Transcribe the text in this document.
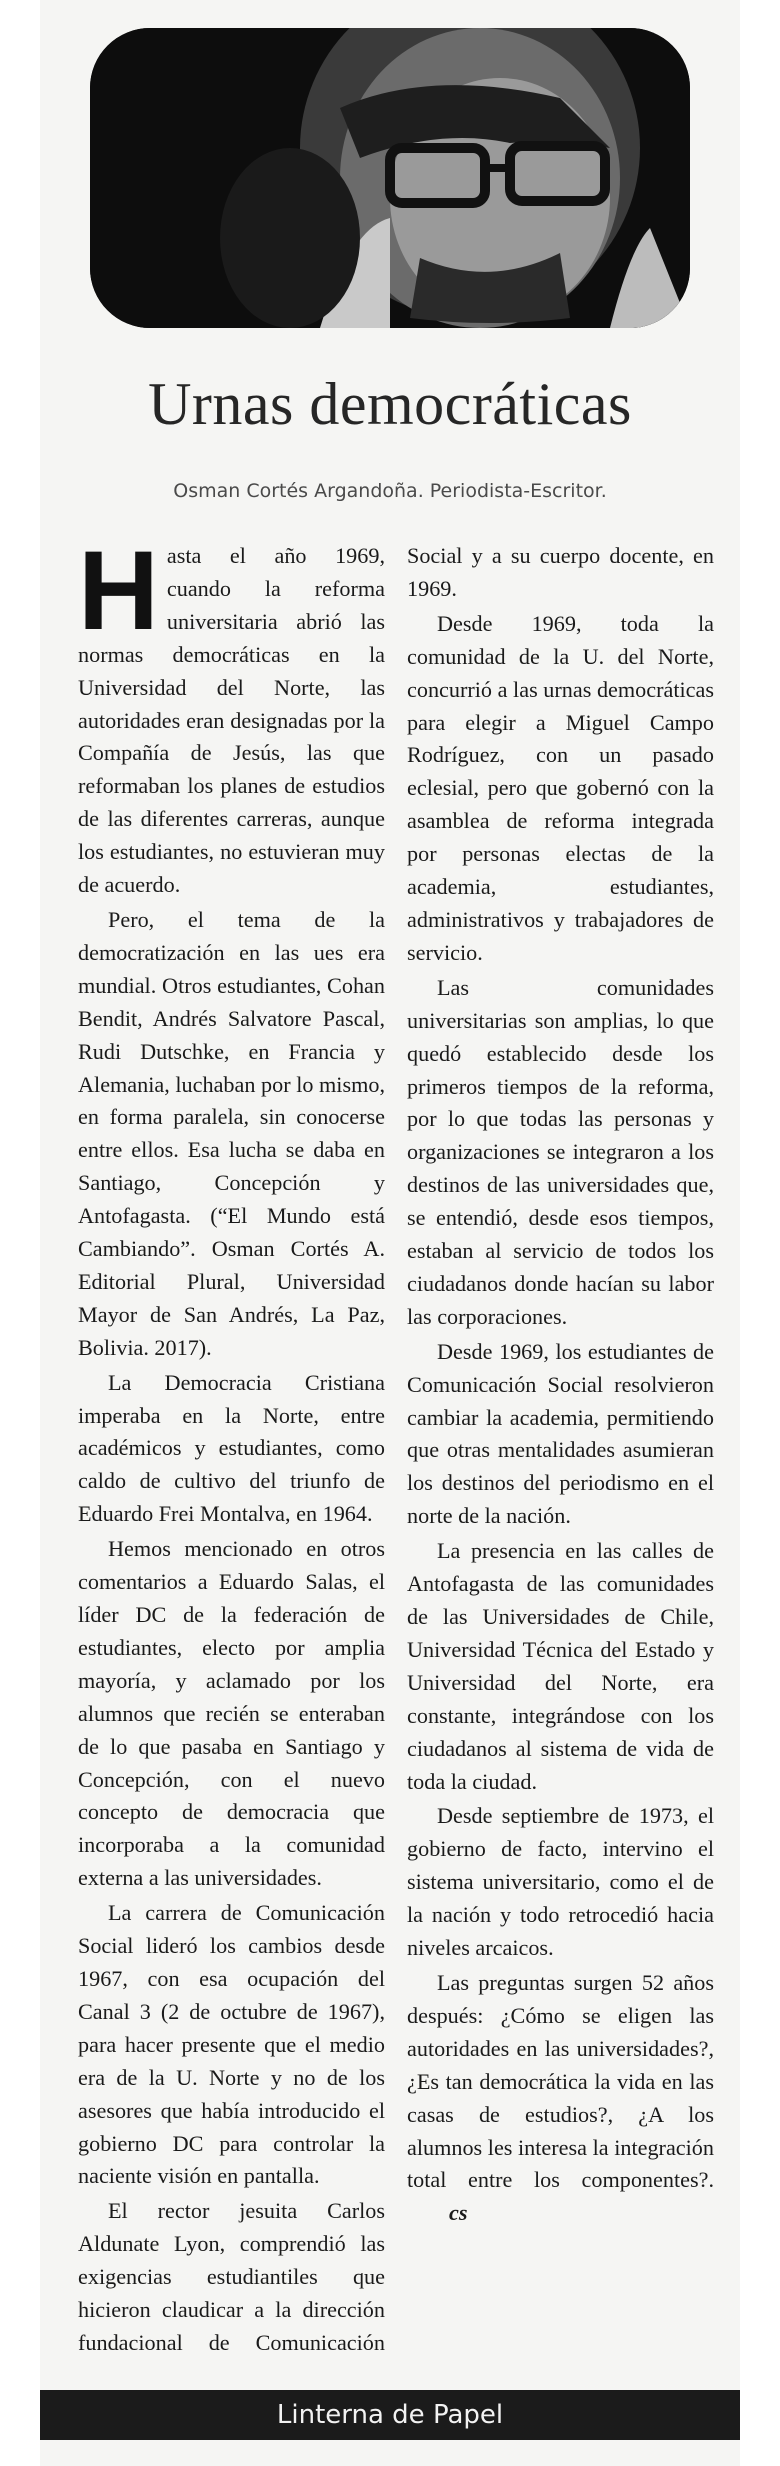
Urnas democráticas

Osman Cortés Argandoña. Periodista-Escritor.

Hasta el año 1969, cuando la reforma universitaria abrió las normas democráticas en la Universidad del Norte, las autoridades eran designadas por la Compañía de Jesús, las que reformaban los planes de estudios de las diferentes carreras, aunque los estudiantes, no estuvieran muy de acuerdo.

Pero, el tema de la democratización en las ues era mundial. Otros estudiantes, Cohan Bendit, Andrés Salvatore Pascal, Rudi Dutschke, en Francia y Alemania, luchaban por lo mismo, en forma paralela, sin conocerse entre ellos. Esa lucha se daba en Santiago, Concepción y Antofagasta. (“El Mundo está Cambiando”. Osman Cortés A. Editorial Plural, Universidad Mayor de San Andrés, La Paz, Bolivia. 2017).

La Democracia Cristiana imperaba en la Norte, entre académicos y estudiantes, como caldo de cultivo del triunfo de Eduardo Frei Montalva, en 1964.

Hemos mencionado en otros comentarios a Eduardo Salas, el líder DC de la federación de estudiantes, electo por amplia mayoría, y aclamado por los alumnos que recién se enteraban de lo que pasaba en Santiago y Concepción, con el nuevo concepto de democracia que incorporaba a la comunidad externa a las universidades.

La carrera de Comunicación Social lideró los cambios desde 1967, con esa ocupación del Canal 3 (2 de octubre de 1967), para hacer presente que el medio era de la U. Norte y no de los asesores que había introducido el gobierno DC para controlar la naciente visión en pantalla.

El rector jesuita Carlos Aldunate Lyon, comprendió las exigencias estudiantiles que hicieron claudicar a la dirección fundacional de Comunicación Social y a su cuerpo docente, en 1969.

Desde 1969, toda la comunidad de la U. del Norte, concurrió a las urnas democráticas para elegir a Miguel Campo Rodríguez, con un pasado eclesial, pero que gobernó con la asamblea de reforma integrada por personas electas de la academia, estudiantes, administrativos y trabajadores de servicio.

Las comunidades universitarias son amplias, lo que quedó establecido desde los primeros tiempos de la reforma, por lo que todas las personas y organizaciones se integraron a los destinos de las universidades que, se entendió, desde esos tiempos, estaban al servicio de todos los ciudadanos donde hacían su labor las corporaciones.

Desde 1969, los estudiantes de Comunicación Social resolvieron cambiar la academia, permitiendo que otras mentalidades asumieran los destinos del periodismo en el norte de la nación.

La presencia en las calles de Antofagasta de las comunidades de las Universidades de Chile, Universidad Técnica del Estado y Universidad del Norte, era constante, integrándose con los ciudadanos al sistema de vida de toda la ciudad.

Desde septiembre de 1973, el gobierno de facto, intervino el sistema universitario, como el de la nación y todo retrocedió hacia niveles arcaicos.

Las preguntas surgen 52 años después: ¿Cómo se eligen las autoridades en las universidades?, ¿Es tan democrática la vida en las casas de estudios?, ¿A los alumnos les interesa la integración total entre los componentes?.cs

Linterna de Papel
